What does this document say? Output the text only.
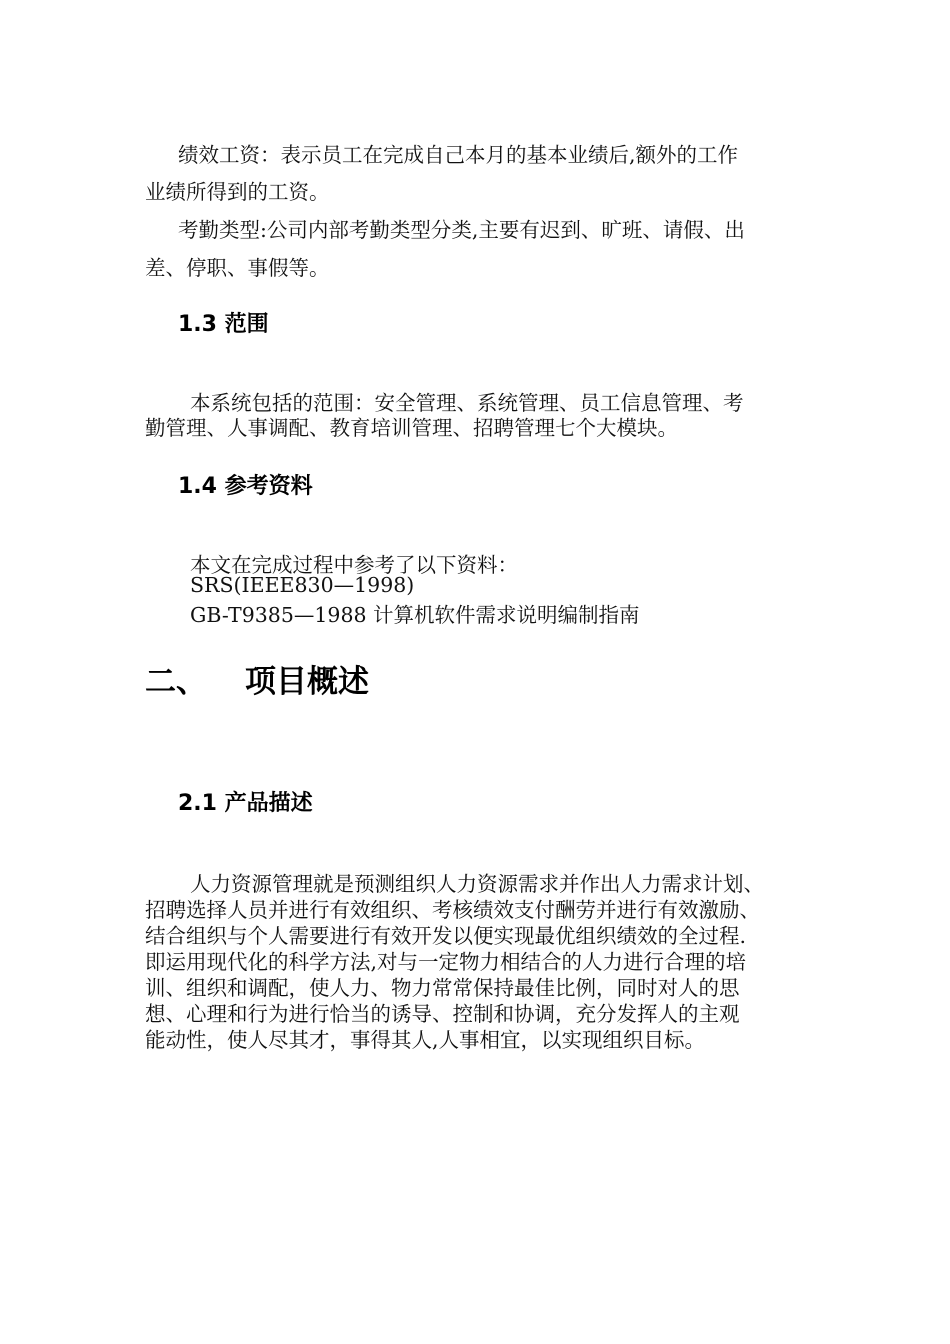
绩效工资：表示员工在完成自己本月的基本业绩后,额外的工作
业绩所得到的工资。
考勤类型:公司内部考勤类型分类,主要有迟到、旷班、请假、出
差、停职、事假等。
1.3 范围
本系统包括的范围：安全管理、系统管理、员工信息管理、考
勤管理、人事调配、教育培训管理、招聘管理七个大模块。
1.4 参考资料
本文在完成过程中参考了以下资料：
SRS(IEEE830—1998)
GB-T9385—1988 计算机软件需求说明编制指南
二、 项目概述
2.1 产品描述
人力资源管理就是预测组织人力资源需求并作出人力需求计划、
招聘选择人员并进行有效组织、考核绩效支付酬劳并进行有效激励、
结合组织与个人需要进行有效开发以便实现最优组织绩效的全过程.
即运用现代化的科学方法,对与一定物力相结合的人力进行合理的培
训、组织和调配，使人力、物力常常保持最佳比例，同时对人的思
想、心理和行为进行恰当的诱导、控制和协调，充分发挥人的主观
能动性，使人尽其才，事得其人,人事相宜，以实现组织目标。
